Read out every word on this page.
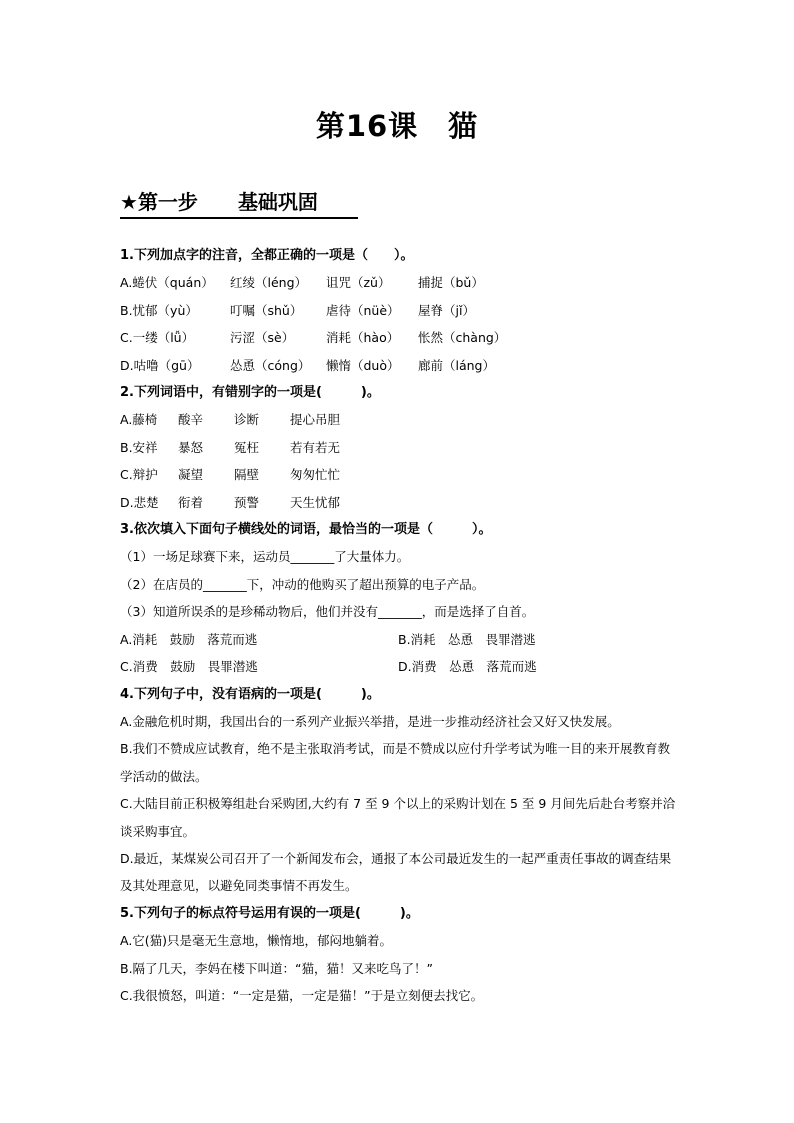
第16课　猫
★第一步 基础巩固
1.下列加点字的注音，全都正确的一项是（　　）。
A.蜷伏（quán） 红绫（léng） 诅咒（zǔ） 捕捉（bǔ）
B.忧郁（yù）	叮嘱（shǔ） 虐待（nüè） 屋脊（jǐ）
C.一缕（lǚ）	污涩（sè）	消耗（hào） 怅然（chàng）
D.咕噜（gū） 怂恿（cóng） 懒惰（duò） 廊前（láng）
2.下列词语中，有错别字的一项是(　　　)。
A.藤椅 酸辛 诊断 提心吊胆
B.安祥 暴怒 冤枉 若有若无
C.辩护 凝望 隔壁 匆匆忙忙
D.悲楚 衔着 预警 天生忧郁
3.依次填入下面句子横线处的词语，最恰当的一项是（　　　）。
（1）一场足球赛下来，运动员_______了大量体力。
（2）在店员的_______下，冲动的他购买了超出预算的电子产品。
（3）知道所误杀的是珍稀动物后，他们并没有_______，而是选择了自首。
A.消耗　鼓励　落荒而逃	B.消耗　怂恿　畏罪潜逃
C.消费　鼓励　畏罪潜逃	D.消费　怂恿　落荒而逃
4.下列句子中，没有语病的一项是(　　　)。
A.金融危机时期，我国出台的一系列产业振兴举措，是进一步推动经济社会又好又快发展。
B.我们不赞成应试教育，绝不是主张取消考试，而是不赞成以应付升学考试为唯一目的来开展教育教学活动的做法。
C.大陆目前正积极筹组赴台采购团,大约有 7 至 9 个以上的采购计划在 5 至 9 月间先后赴台考察并洽谈采购事宜。
D.最近，某煤炭公司召开了一个新闻发布会，通报了本公司最近发生的一起严重责任事故的调查结果及其处理意见，以避免同类事情不再发生。
5.下列句子的标点符号运用有误的一项是(　　　)。
A.它(猫)只是毫无生意地，懒惰地，郁闷地躺着。
B.隔了几天，李妈在楼下叫道：“猫，猫！又来吃鸟了！”
C.我很愤怒，叫道：“一定是猫，一定是猫！”于是立刻便去找它。
